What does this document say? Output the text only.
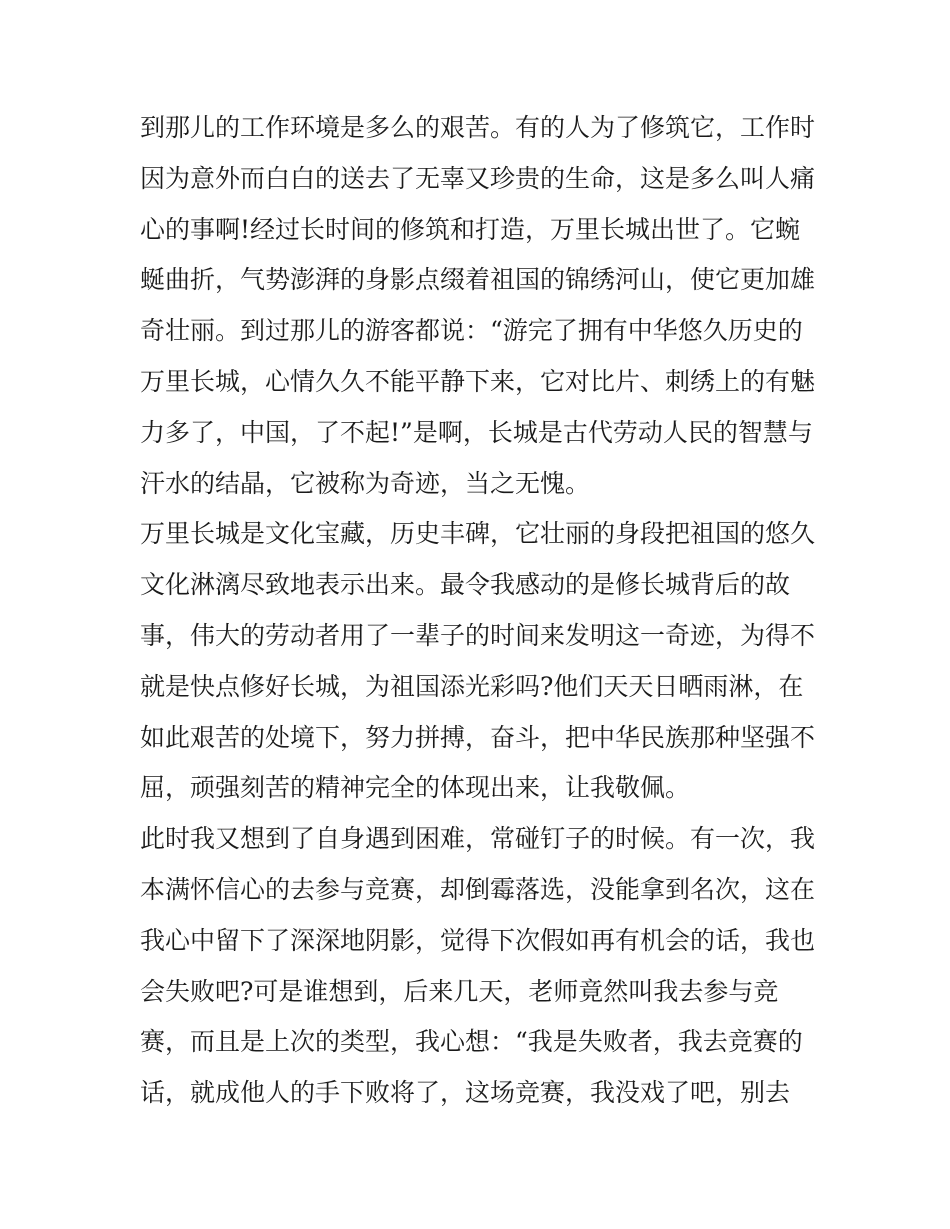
到那儿的工作环境是多么的艰苦。有的人为了修筑它，工作时
因为意外而白白的送去了无辜又珍贵的生命，这是多么叫人痛
心的事啊!经过长时间的修筑和打造，万里长城出世了。它蜿
蜒曲折，气势澎湃的身影点缀着祖国的锦绣河山，使它更加雄
奇壮丽。到过那儿的游客都说：“游完了拥有中华悠久历史的
万里长城，心情久久不能平静下来，它对比片、刺绣上的有魅
力多了，中国，了不起!”是啊，长城是古代劳动人民的智慧与
汗水的结晶，它被称为奇迹，当之无愧。
万里长城是文化宝藏，历史丰碑，它壮丽的身段把祖国的悠久
文化淋漓尽致地表示出来。最令我感动的是修长城背后的故
事，伟大的劳动者用了一辈子的时间来发明这一奇迹，为得不
就是快点修好长城，为祖国添光彩吗?他们天天日晒雨淋，在
如此艰苦的处境下，努力拼搏，奋斗，把中华民族那种坚强不
屈，顽强刻苦的精神完全的体现出来，让我敬佩。
此时我又想到了自身遇到困难，常碰钉子的时候。有一次，我
本满怀信心的去参与竞赛，却倒霉落选，没能拿到名次，这在
我心中留下了深深地阴影，觉得下次假如再有机会的话，我也
会失败吧?可是谁想到，后来几天，老师竟然叫我去参与竞
赛，而且是上次的类型，我心想：“我是失败者，我去竞赛的
话，就成他人的手下败将了，这场竞赛，我没戏了吧，别去
